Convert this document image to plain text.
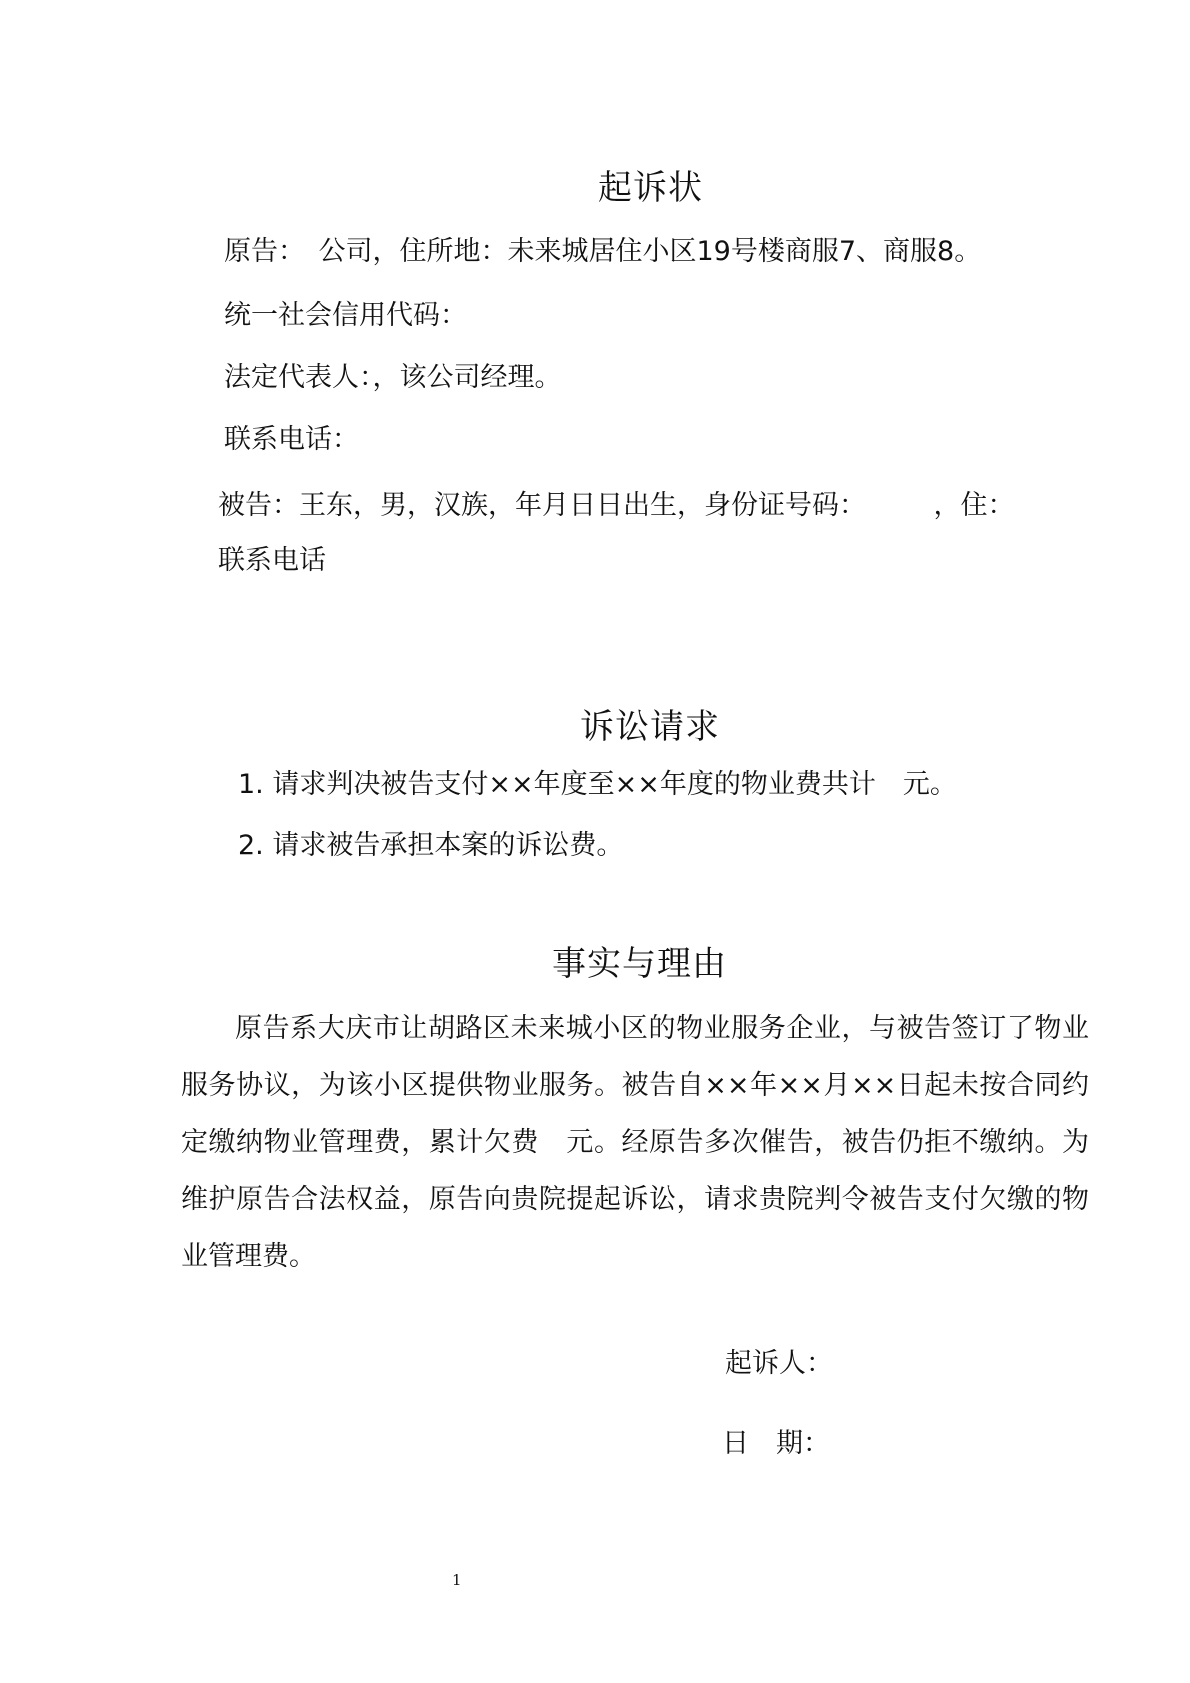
起诉状
原告：　公司，住所地：未来城居住小区19号楼商服7、商服8。
统一社会信用代码：
法定代表人：，该公司经理。
联系电话：
被告：王东，男，汉族，年月日日出生，身份证号码：　　　，住：
联系电话
诉讼请求
1. 请求判决被告支付××年度至××年度的物业费共计　元。
2. 请求被告承担本案的诉讼费。
事实与理由
原告系大庆市让胡路区未来城小区的物业服务企业，与被告签订了物业服务协议，为该小区提供物业服务。被告自××年××月××日起未按合同约定缴纳物业管理费，累计欠费　元。经原告多次催告，被告仍拒不缴纳。为维护原告合法权益，原告向贵院提起诉讼，请求贵院判令被告支付欠缴的物业管理费。
起诉人：
日　期：
1
